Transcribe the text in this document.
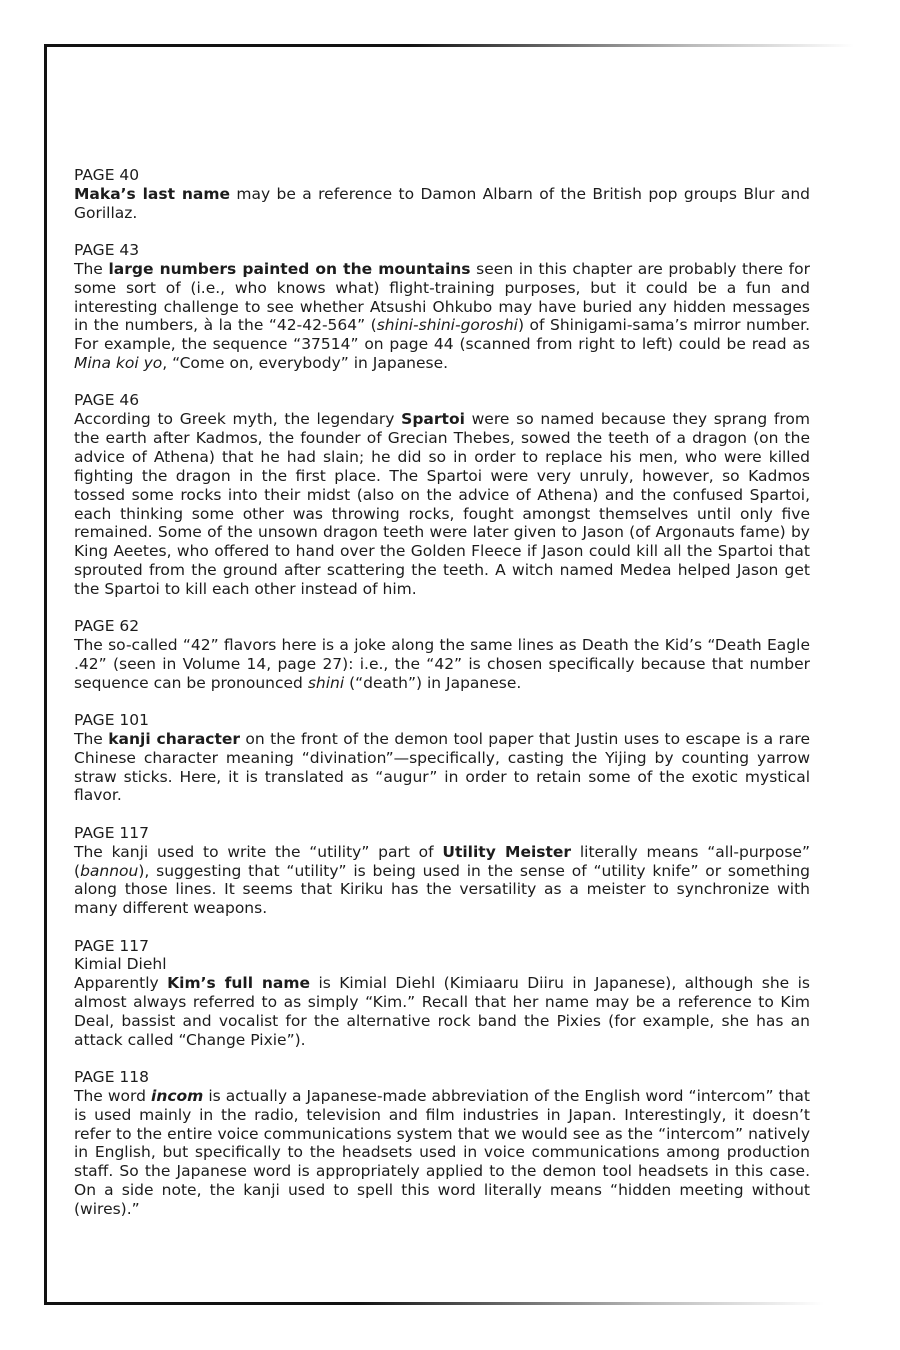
PAGE 40
Maka’s last name may be a reference to Damon Albarn of the British pop groups Blur and Gorillaz.
PAGE 43
The large numbers painted on the mountains seen in this chapter are probably there for some sort of (i.e., who knows what) flight-training purposes, but it could be a fun and interesting challenge to see whether Atsushi Ohkubo may have buried any hidden messages in the numbers, à la the “42-42-564” (shini-shini-goroshi) of Shinigami-sama’s mirror number. For example, the sequence “37514” on page 44 (scanned from right to left) could be read as Mina koi yo, “Come on, everybody” in Japanese.
PAGE 46
According to Greek myth, the legendary Spartoi were so named because they sprang from the earth after Kadmos, the founder of Grecian Thebes, sowed the teeth of a dragon (on the advice of Athena) that he had slain; he did so in order to replace his men, who were killed fighting the dragon in the first place. The Spartoi were very unruly, however, so Kadmos tossed some rocks into their midst (also on the advice of Athena) and the confused Spartoi, each thinking some other was throwing rocks, fought amongst themselves until only five remained. Some of the unsown dragon teeth were later given to Jason (of Argonauts fame) by King Aeetes, who offered to hand over the Golden Fleece if Jason could kill all the Spartoi that sprouted from the ground after scattering the teeth. A witch named Medea helped Jason get the Spartoi to kill each other instead of him.
PAGE 62
The so-called “42” flavors here is a joke along the same lines as Death the Kid’s “Death Eagle .42” (seen in Volume 14, page 27): i.e., the “42” is chosen specifically because that number sequence can be pronounced shini (“death”) in Japanese.
PAGE 101
The kanji character on the front of the demon tool paper that Justin uses to escape is a rare Chinese character meaning “divination”—specifically, casting the Yijing by counting yarrow straw sticks. Here, it is translated as “augur” in order to retain some of the exotic mystical flavor.
PAGE 117
The kanji used to write the “utility” part of Utility Meister literally means “all-purpose” (bannou), suggesting that “utility” is being used in the sense of “utility knife” or something along those lines. It seems that Kiriku has the versatility as a meister to synchronize with many different weapons.
PAGE 117
Kimial Diehl
Apparently Kim’s full name is Kimial Diehl (Kimiaaru Diiru in Japanese), although she is almost always referred to as simply “Kim.” Recall that her name may be a reference to Kim Deal, bassist and vocalist for the alternative rock band the Pixies (for example, she has an attack called “Change Pixie”).
PAGE 118
The word incom is actually a Japanese-made abbreviation of the English word “intercom” that is used mainly in the radio, television and film industries in Japan. Interestingly, it doesn’t refer to the entire voice communications system that we would see as the “intercom” natively in English, but specifically to the headsets used in voice communications among production staff. So the Japanese word is appropriately applied to the demon tool headsets in this case. On a side note, the kanji used to spell this word literally means “hidden meeting without (wires).”
